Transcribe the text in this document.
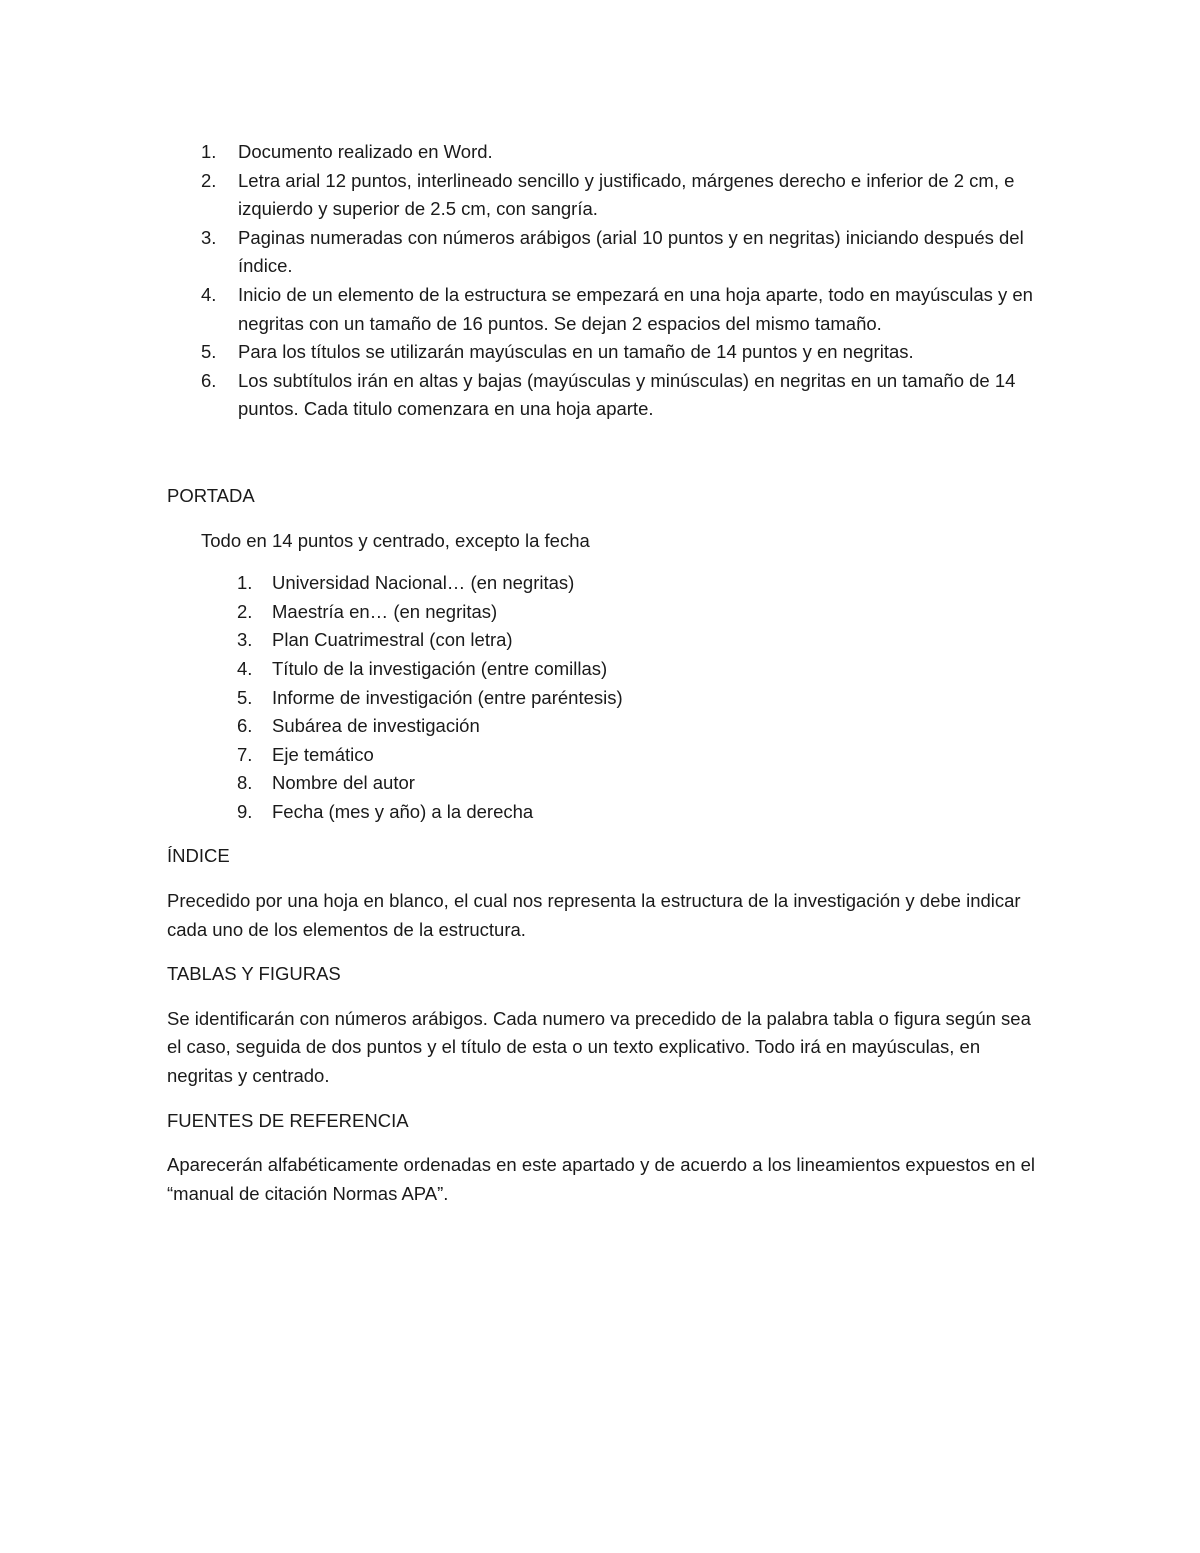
1. Documento realizado en Word.
2. Letra arial 12 puntos, interlineado sencillo y justificado, márgenes derecho e inferior de 2 cm, e izquierdo y superior de 2.5 cm, con sangría.
3. Paginas numeradas con números arábigos (arial 10 puntos y en negritas) iniciando después del índice.
4. Inicio de un elemento de la estructura se empezará en una hoja aparte, todo en mayúsculas y en negritas con un tamaño de 16 puntos. Se dejan 2 espacios del mismo tamaño.
5. Para los títulos se utilizarán mayúsculas en un tamaño de 14 puntos y en negritas.
6. Los subtítulos irán en altas y bajas (mayúsculas y minúsculas) en negritas en un tamaño de 14 puntos. Cada titulo comenzara en una hoja aparte.

PORTADA

Todo en 14 puntos y centrado, excepto la fecha

1. Universidad Nacional… (en negritas)
2. Maestría en… (en negritas)
3. Plan Cuatrimestral (con letra)
4. Título de la investigación (entre comillas)
5. Informe de investigación (entre paréntesis)
6. Subárea de investigación
7. Eje temático
8. Nombre del autor
9. Fecha (mes y año) a la derecha

ÍNDICE

Precedido por una hoja en blanco, el cual nos representa la estructura de la investigación y debe indicar cada uno de los elementos de la estructura.

TABLAS Y FIGURAS

Se identificarán con números arábigos. Cada numero va precedido de la palabra tabla o figura según sea el caso, seguida de dos puntos y el título de esta o un texto explicativo. Todo irá en mayúsculas, en negritas y centrado.

FUENTES DE REFERENCIA

Aparecerán alfabéticamente ordenadas en este apartado y de acuerdo a los lineamientos expuestos en el “manual de citación Normas APA”.
